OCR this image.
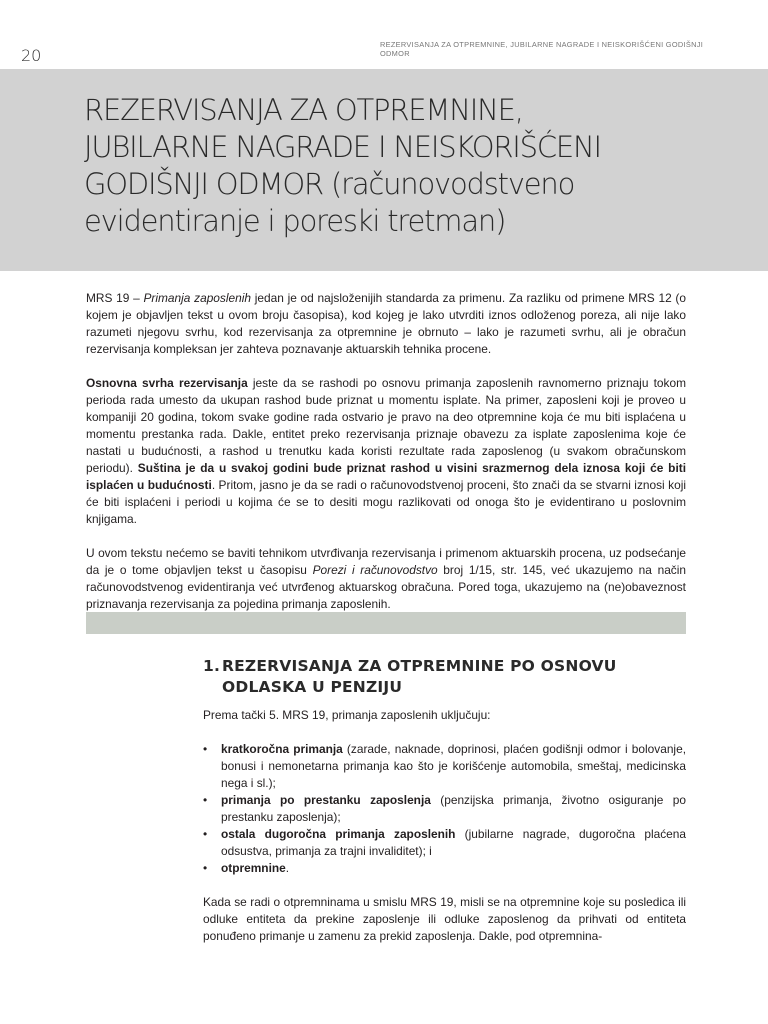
20
REZERVISANJA ZA OTPREMNINE, JUBILARNE NAGRADE I NEISKORIŠĆENI GODIŠNJI ODMOR
REZERVISANJA ZA OTPREMNINE,
JUBILARNE NAGRADE I NEISKORIŠĆENI
GODIŠNJI ODMOR (računovodstveno
evidentiranje i poreski tretman)

MRS 19 – Primanja zaposlenih jedan je od najsloženijih standarda za primenu. Za razliku od primene MRS 12 (o kojem je objavljen tekst u ovom broju časopisa), kod kojeg je lako utvrditi iznos odloženog poreza, ali nije lako razumeti njegovu svrhu, kod rezervisanja za otpremnine je obrnuto – lako je razumeti svrhu, ali je obračun rezervisanja kompleksan jer zahteva poznavanje aktuarskih tehnika procene.

Osnovna svrha rezervisanja jeste da se rashodi po osnovu primanja zaposlenih ravnomerno priznaju tokom perioda rada umesto da ukupan rashod bude priznat u momentu isplate. Na primer, zaposleni koji je proveo u kompaniji 20 godina, tokom svake godine rada ostvario je pravo na deo otpremnine koja će mu biti isplaćena u momentu prestanka rada. Dakle, entitet preko rezervisanja priznaje obavezu za isplate zaposlenima koje će nastati u budućnosti, a rashod u trenutku kada koristi rezultate rada zaposlenog (u svakom obračunskom periodu). Suština je da u svakoj godini bude priznat rashod u visini srazmernog dela iznosa koji će biti isplaćen u budućnosti. Pritom, jasno je da se radi o računovodstvenoj proceni, što znači da se stvarni iznosi koji će biti isplaćeni i periodi u kojima će se to desiti mogu razlikovati od onoga što je evidentirano u poslovnim knjigama.

U ovom tekstu nećemo se baviti tehnikom utvrđivanja rezervisanja i primenom aktuarskih procena, uz podsećanje da je o tome objavljen tekst u časopisu Porezi i računovodstvo broj 1/15, str. 145, već ukazujemo na način računovodstvenog evidentiranja već utvrđenog aktuarskog obračuna. Pored toga, ukazujemo na (ne)obaveznost priznavanja rezervisanja za pojedina primanja zaposlenih.

1. REZERVISANJA ZA OTPREMNINE PO OSNOVU ODLASKA U PENZIJU

Prema tački 5. MRS 19, primanja zaposlenih uključuju:

• kratkoročna primanja (zarade, naknade, doprinosi, plaćen godišnji odmor i bolovanje, bonusi i nemonetarna primanja kao što je korišćenje automobila, smeštaj, medicinska nega i sl.);
• primanja po prestanku zaposlenja (penzijska primanja, životno osiguranje po prestanku zaposlenja);
• ostala dugoročna primanja zaposlenih (jubilarne nagrade, dugoročna plaćena odsustva, primanja za trajni invaliditet); i
• otpremnine.

Kada se radi o otpremninama u smislu MRS 19, misli se na otpremnine koje su posledica ili odluke entiteta da prekine zaposlenje ili odluke zaposlenog da prihvati od entiteta ponuđeno primanje u zamenu za prekid zaposlenja. Dakle, pod otpremnina-
